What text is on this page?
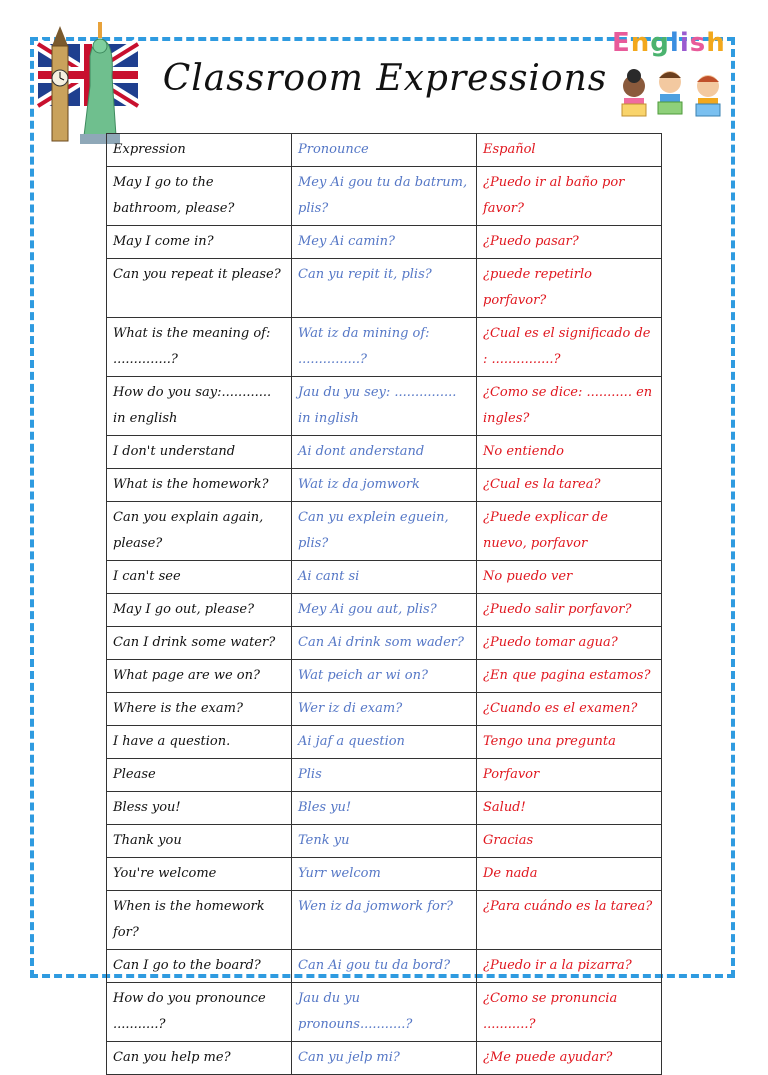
English
Classroom Expressions
Expression	Pronounce	Español
May I go to the bathroom, please?	Mey Ai gou tu da batrum, plis?	¿Puedo ir al baño por favor?
May I come in?	Mey Ai camin?	¿Puedo pasar?
Can you repeat it please?	Can yu repit it, plis?	¿puede repetirlo porfavor?
What is the meaning of: ..............?	Wat iz da mining of: ...............?	¿Cual es el significado de : ...............?
How do you say:............ in english	Jau du yu sey: ............... in inglish	¿Como se dice: ........... en ingles?
I don't understand	Ai dont anderstand	No entiendo
What is the homework?	Wat iz da jomwork	¿Cual es la tarea?
Can you explain again, please?	Can yu explein eguein, plis?	¿Puede explicar de nuevo, porfavor
I can't see	Ai cant si	No puedo ver
May I go out, please?	Mey Ai gou aut, plis?	¿Puedo salir porfavor?
Can I drink some water?	Can Ai drink som wader?	¿Puedo tomar agua?
What page are we on?	Wat peich ar wi on?	¿En que pagina estamos?
Where is the exam?	Wer iz di exam?	¿Cuando es el examen?
I have a question.	Ai jaf a question	Tengo una pregunta
Please	Plis	Porfavor
Bless you!	Bles yu!	Salud!
Thank you	Tenk yu	Gracias
You're welcome	Yurr welcom	De nada
When is the homework for?	Wen iz da jomwork for?	¿Para cuándo es la tarea?
Can I go to the board?	Can Ai gou tu da bord?	¿Puedo ir a la pizarra?
How do you pronounce ...........?	Jau du yu pronouns...........?	¿Como se pronuncia ...........?
Can you help me?	Can yu jelp mi?	¿Me puede ayudar?
